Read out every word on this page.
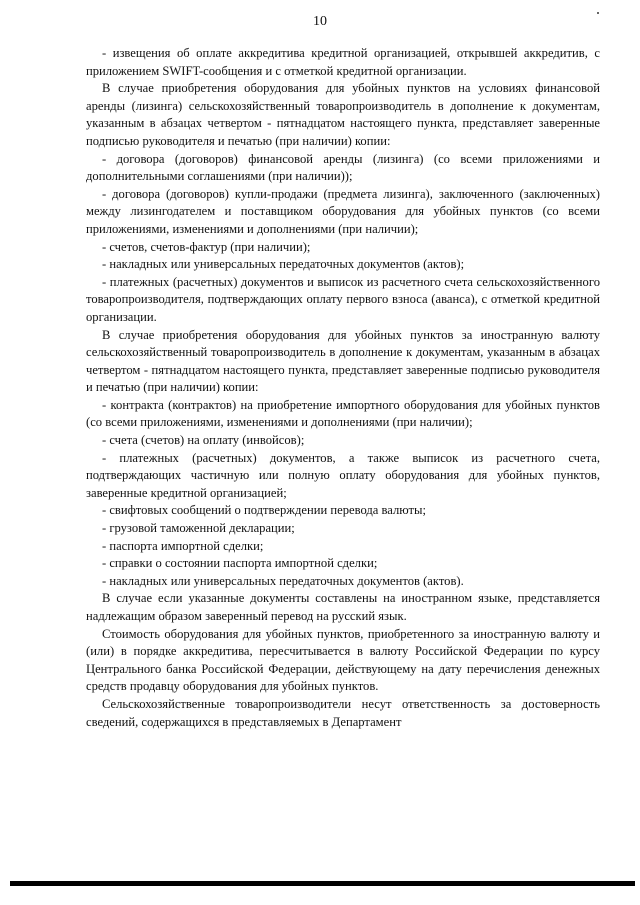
10

- извещения об оплате аккредитива кредитной организацией, открывшей аккредитив, с приложением SWIFT-сообщения и с отметкой кредитной организации.

В случае приобретения оборудования для убойных пунктов на условиях финансовой аренды (лизинга) сельскохозяйственный товаропроизводитель в дополнение к документам, указанным в абзацах четвертом - пятнадцатом настоящего пункта, представляет заверенные подписью руководителя и печатью (при наличии) копии:

- договора (договоров) финансовой аренды (лизинга) (со всеми приложениями и дополнительными соглашениями (при наличии));

- договора (договоров) купли-продажи (предмета лизинга), заключенного (заключенных) между лизингодателем и поставщиком оборудования для убойных пунктов (со всеми приложениями, изменениями и дополнениями (при наличии);

- счетов, счетов-фактур (при наличии);

- накладных или универсальных передаточных документов (актов);

- платежных (расчетных) документов и выписок из расчетного счета сельскохозяйственного товаропроизводителя, подтверждающих оплату первого взноса (аванса), с отметкой кредитной организации.

В случае приобретения оборудования для убойных пунктов за иностранную валюту сельскохозяйственный товаропроизводитель в дополнение к документам, указанным в абзацах четвертом - пятнадцатом настоящего пункта, представляет заверенные подписью руководителя и печатью (при наличии) копии:

- контракта (контрактов) на приобретение импортного оборудования для убойных пунктов (со всеми приложениями, изменениями и дополнениями (при наличии);

- счета (счетов) на оплату (инвойсов);

- платежных (расчетных) документов, а также выписок из расчетного счета, подтверждающих частичную или полную оплату оборудования для убойных пунктов, заверенные кредитной организацией;

- свифтовых сообщений о подтверждении перевода валюты;

- грузовой таможенной декларации;

- паспорта импортной сделки;

- справки о состоянии паспорта импортной сделки;

- накладных или универсальных передаточных документов (актов).

В случае если указанные документы составлены на иностранном языке, представляется надлежащим образом заверенный перевод на русский язык.

Стоимость оборудования для убойных пунктов, приобретенного за иностранную валюту и (или) в порядке аккредитива, пересчитывается в валюту Российской Федерации по курсу Центрального банка Российской Федерации, действующему на дату перечисления денежных средств продавцу оборудования для убойных пунктов.

Сельскохозяйственные товаропроизводители несут ответственность за достоверность сведений, содержащихся в представляемых в Департамент
